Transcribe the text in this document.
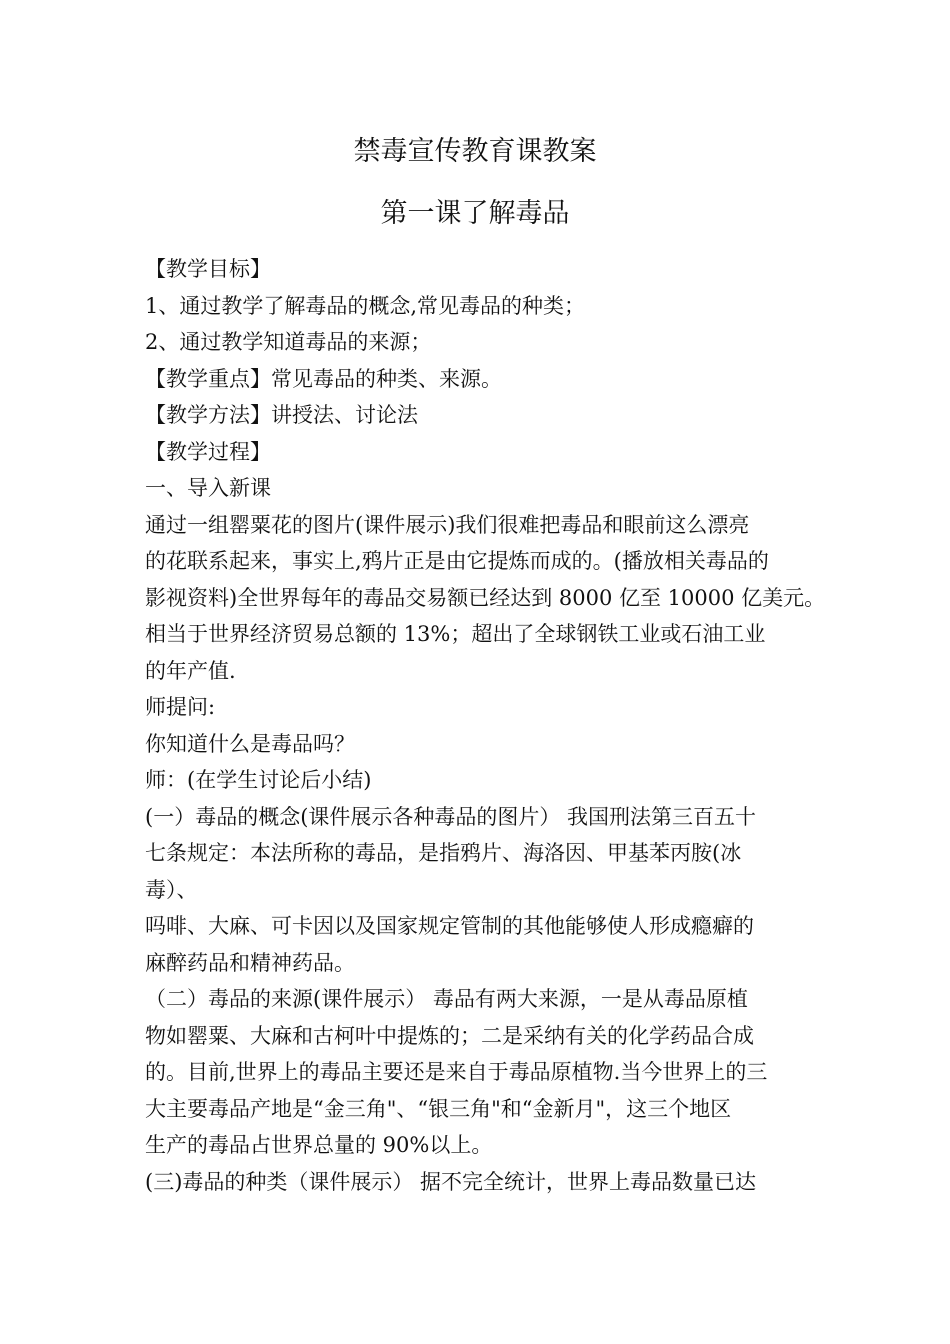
禁毒宣传教育课教案
第一课了解毒品
【教学目标】
1、通过教学了解毒品的概念,常见毒品的种类；
2、通过教学知道毒品的来源；
【教学重点】常见毒品的种类、来源。
【教学方法】讲授法、讨论法
【教学过程】
一、导入新课
通过一组罂粟花的图片(课件展示)我们很难把毒品和眼前这么漂亮
的花联系起来，事实上,鸦片正是由它提炼而成的。(播放相关毒品的
影视资料)全世界每年的毒品交易额已经达到 8000 亿至 10000 亿美元。
相当于世界经济贸易总额的 13%；超出了全球钢铁工业或石油工业
的年产值.
师提问:
你知道什么是毒品吗？
师：(在学生讨论后小结)
(一）毒品的概念(课件展示各种毒品的图片） 我国刑法第三百五十
七条规定：本法所称的毒品，是指鸦片、海洛因、甲基苯丙胺(冰
毒）、
吗啡、大麻、可卡因以及国家规定管制的其他能够使人形成瘾癖的
麻醉药品和精神药品。
（二）毒品的来源(课件展示） 毒品有两大来源，一是从毒品原植
物如罂粟、大麻和古柯叶中提炼的；二是采纳有关的化学药品合成
的。目前,世界上的毒品主要还是来自于毒品原植物.当今世界上的三
大主要毒品产地是“金三角"、“银三角"和“金新月"，这三个地区
生产的毒品占世界总量的 90%以上。
(三)毒品的种类（课件展示） 据不完全统计，世界上毒品数量已达
